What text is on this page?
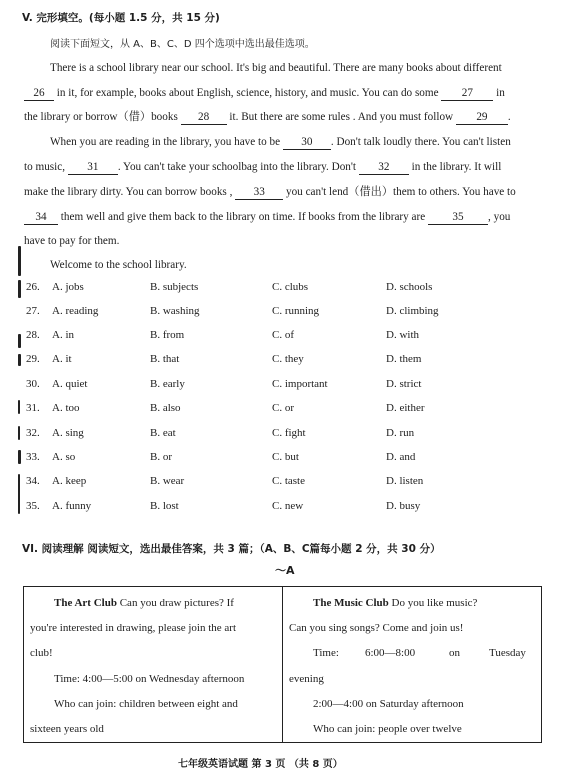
V. 完形填空。(每小题 1.5 分，共 15 分)
阅读下面短文，从 A、B、C、D 四个选项中选出最佳选项。
There is a school library near our school. It's big and beautiful. There are many books about different
26 in it, for example, books about English, science, history, and music. You can do some 27 in
the library or borrow（借）books 28 it. But there are some rules . And you must follow 29 .
When you are reading in the library, you have to be 30 . Don't talk loudly there. You can't listen
to music, 31 . You can't take your schoolbag into the library. Don't 32 in the library. It will
make the library dirty. You can borrow books , 33 you can't lend（借出）them to others. You have to
34 them well and give them back to the library on time. If books from the library are 35 , you
have to pay for them.
Welcome to the school library.
26. A. jobs	B. subjects	C. clubs	D. schools
27. A. reading	B. washing	C. running	D. climbing
28. A. in	B. from	C. of	D. with
29. A. it	B. that	C. they	D. them
30. A. quiet	B. early	C. important	D. strict
31. A. too	B. also	C. or	D. either
32. A. sing	B. eat	C. fight	D. run
33. A. so	B. or	C. but	D. and
34. A. keep	B. wear	C. taste	D. listen
35. A. funny	B. lost	C. new	D. busy
VI. 阅读理解 阅读短文，选出最佳答案，共 3 篇；（A、B、C篇每小题 2 分，共 30 分）
～A
The Art Club Can you draw pictures? If
you're interested in drawing, please join the art
club!
Time: 4:00—5:00 on Wednesday afternoon
Who can join: children between eight and
sixteen years old
The Music Club Do you like music?
Can you sing songs? Come and join us!
Time: 6:00—8:00	on	Tuesday
evening
2:00—4:00 on Saturday afternoon
Who can join: people over twelve
七年级英语试题 第 3 页 （共 8 页）
